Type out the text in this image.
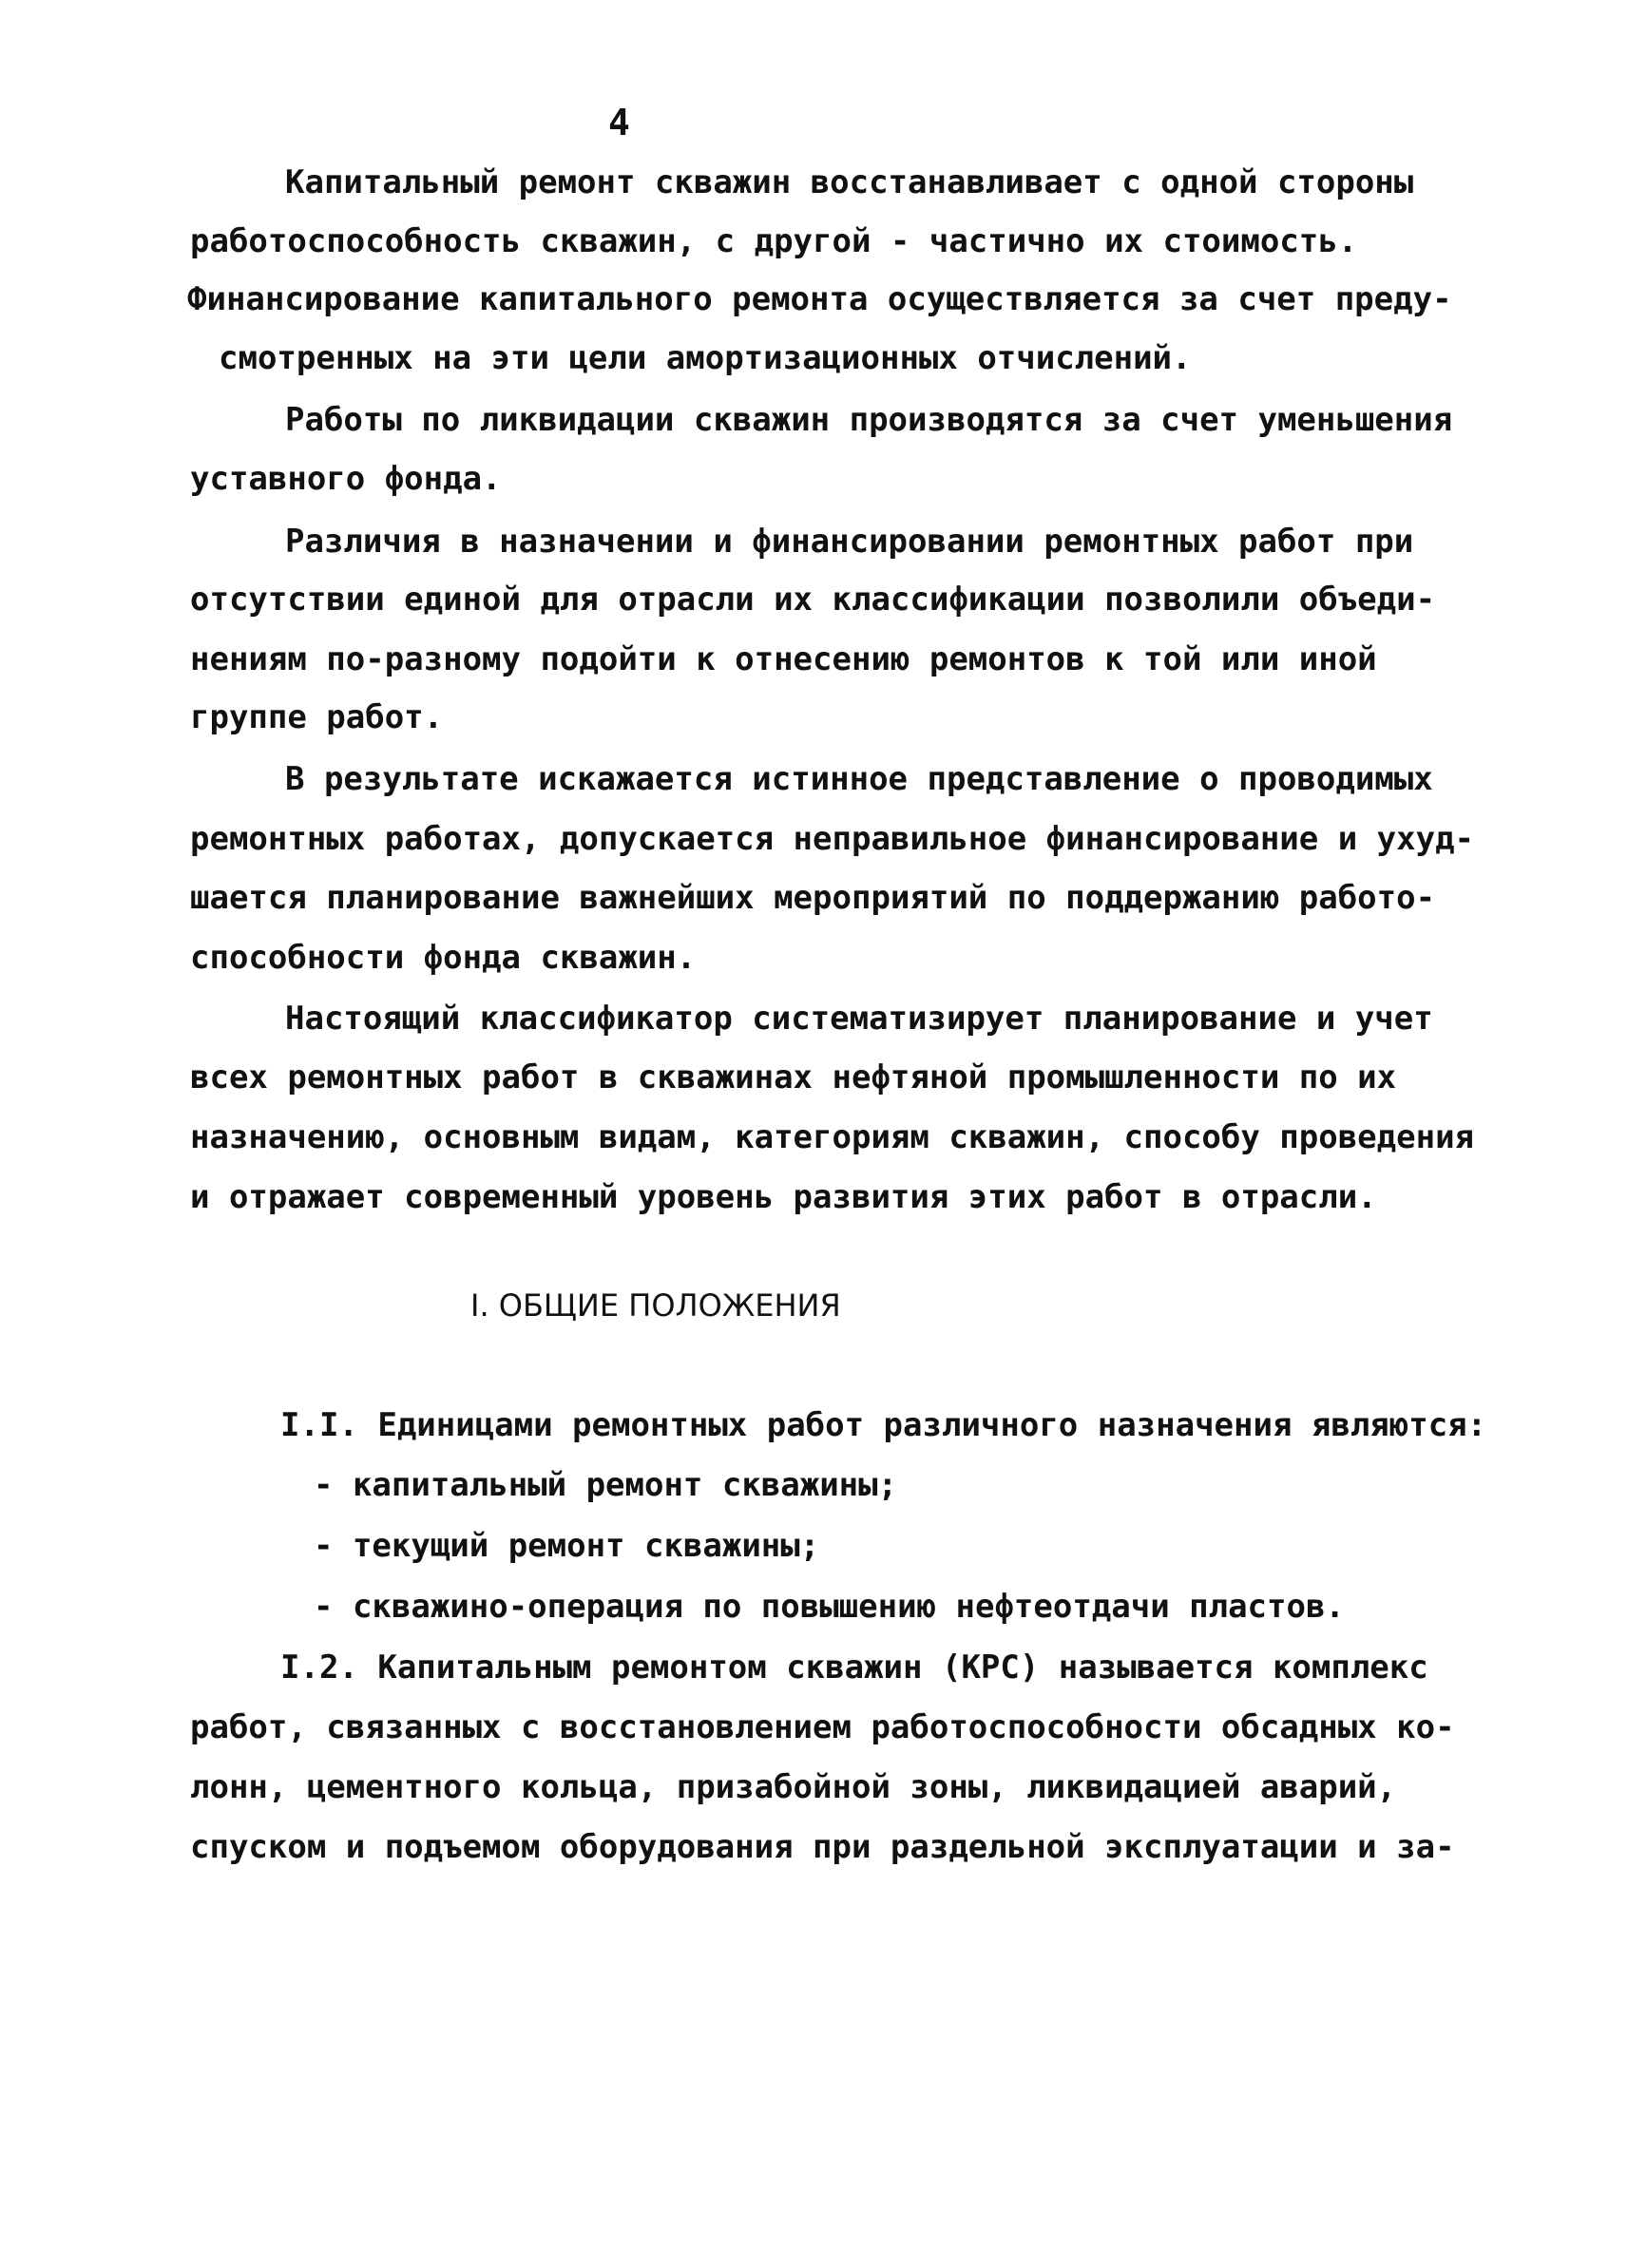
4
Капитальный ремонт скважин восстанавливает с одной стороны
работоспособность скважин, с другой - частично их стоимость.
Финансирование капитального ремонта осуществляется за счет преду-
смотренных на эти цели амортизационных отчислений.
Работы по ликвидации скважин производятся за счет уменьшения
уставного фонда.
Различия в назначении и финансировании ремонтных работ при
отсутствии единой для отрасли их классификации позволили объеди-
нениям по-разному подойти к отнесению ремонтов к той или иной
группе работ.
В результате искажается истинное представление о проводимых
ремонтных работах, допускается неправильное финансирование и ухуд-
шается планирование важнейших мероприятий по поддержанию работо-
способности фонда скважин.
Настоящий классификатор систематизирует планирование и учет
всех ремонтных работ в скважинах нефтяной промышленности по их
назначению, основным видам, категориям скважин, способу проведения
и отражает современный уровень развития этих работ в отрасли.
I. ОБЩИЕ ПОЛОЖЕНИЯ
I.I. Единицами ремонтных работ различного назначения являются:
- капитальный ремонт скважины;
- текущий ремонт скважины;
- скважино-операция по повышению нефтеотдачи пластов.
I.2. Капитальным ремонтом скважин (КРС) называется комплекс
работ, связанных с восстановлением работоспособности обсадных ко-
лонн, цементного кольца, призабойной зоны, ликвидацией аварий,
спуском и подъемом оборудования при раздельной эксплуатации и за-
